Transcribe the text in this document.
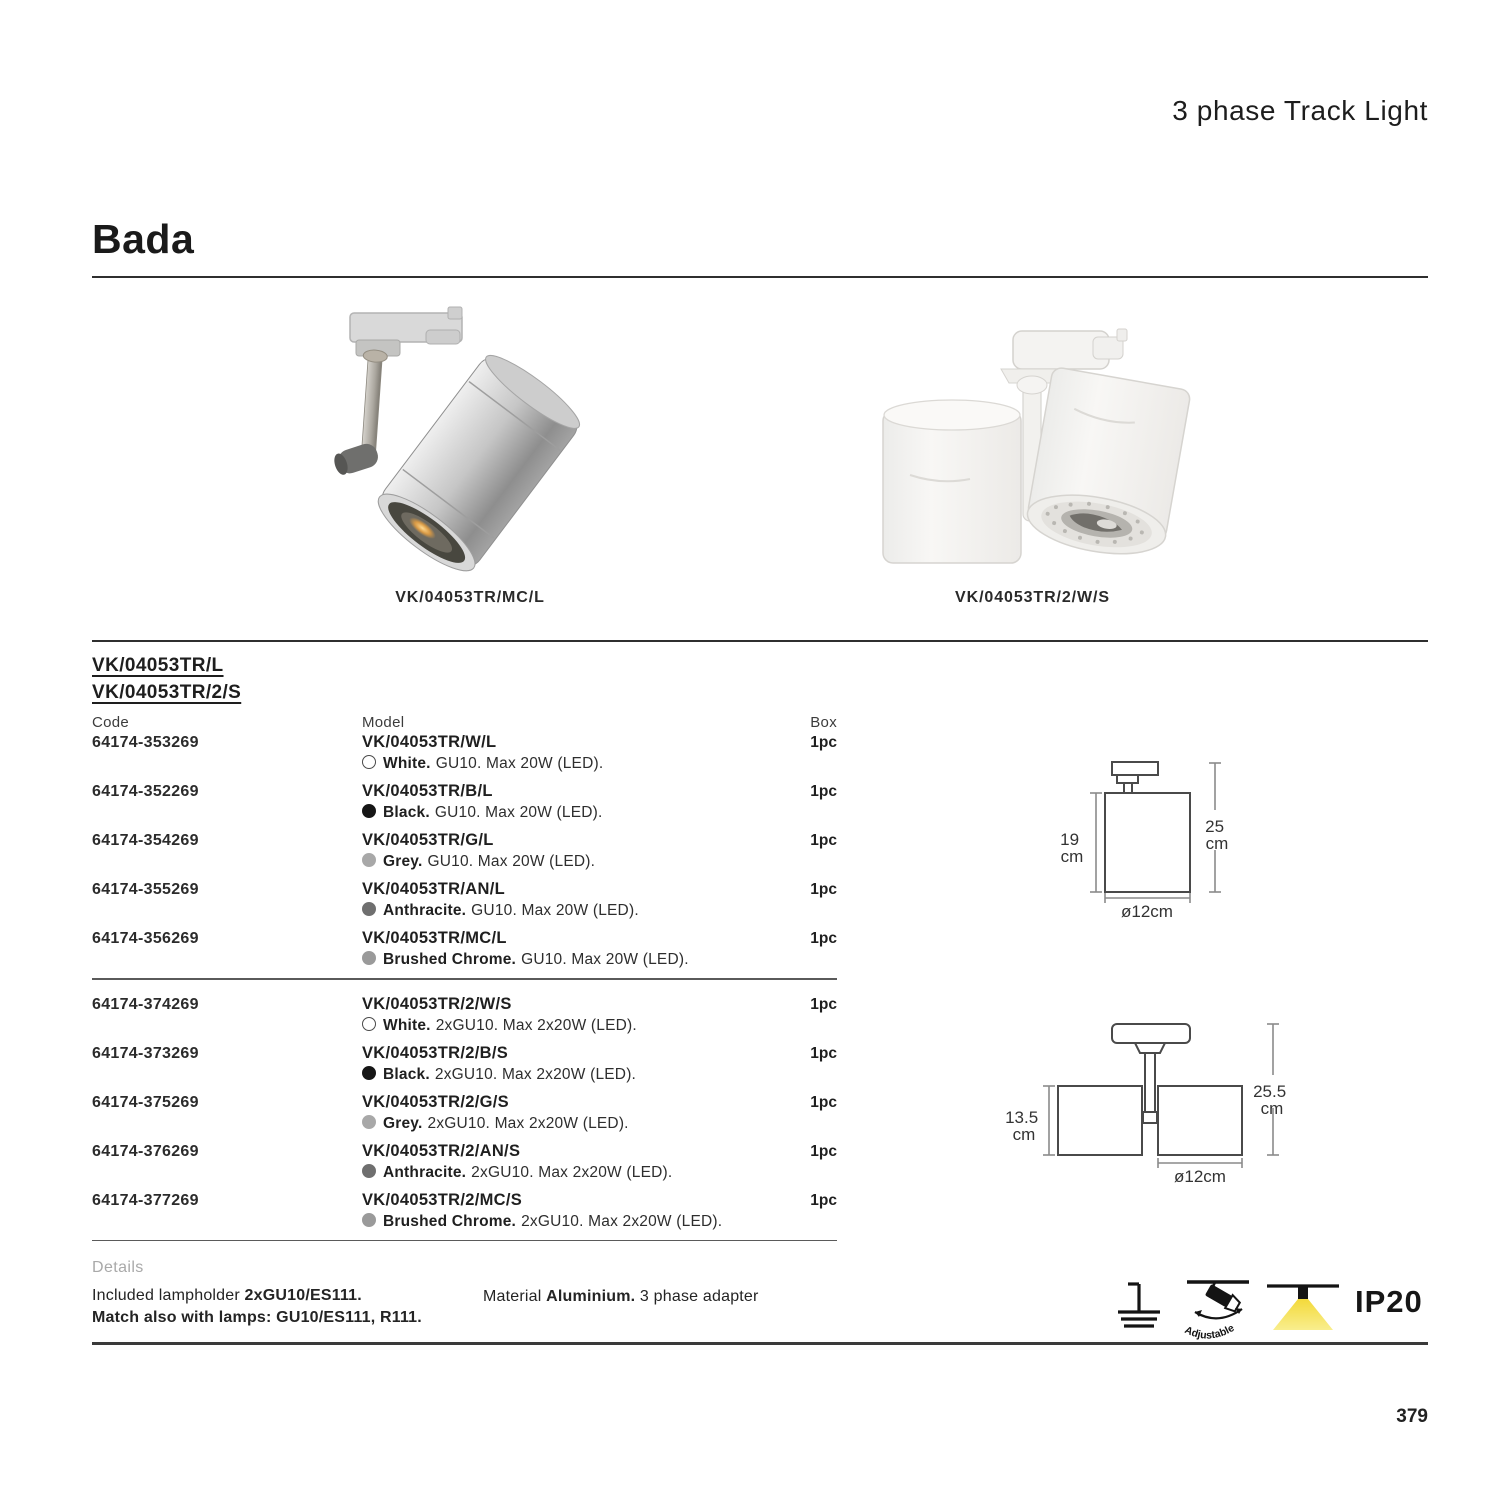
3 phase Track Light
Bada
VK/04053TR/MC/L	VK/04053TR/2/W/S
VK/04053TR/L
VK/04053TR/2/S
Code	Model	Box
64174-353269	VK/04053TR/W/L
White. GU10. Max 20W (LED).
1pc
64174-352269	VK/04053TR/B/L
Black. GU10. Max 20W (LED).
1pc
64174-354269	VK/04053TR/G/L
Grey. GU10. Max 20W (LED).
1pc
64174-355269	VK/04053TR/AN/L
Anthracite. GU10. Max 20W (LED).
1pc
64174-356269	VK/04053TR/MC/L
Brushed Chrome. GU10. Max 20W (LED).
1pc
64174-374269	VK/04053TR/2/W/S
White. 2xGU10. Max 2x20W (LED).
1pc
64174-373269	VK/04053TR/2/B/S
Black. 2xGU10. Max 2x20W (LED).
1pc
64174-375269	VK/04053TR/2/G/S
Grey. 2xGU10. Max 2x20W (LED).
1pc
64174-376269	VK/04053TR/2/AN/S
Anthracite. 2xGU10. Max 2x20W (LED).
1pc
64174-377269	VK/04053TR/2/MC/S
Brushed Chrome. 2xGU10. Max 2x20W (LED).
1pc
Details
Included lampholder 2xGU10/ES111.
Match also with lamps: GU10/ES111, R111.
Material Aluminium. 3 phase adapter
19 cm
25 cm
ø12cm
13.5 cm
25.5 cm
ø12cm
Adjustable
IP20
379
